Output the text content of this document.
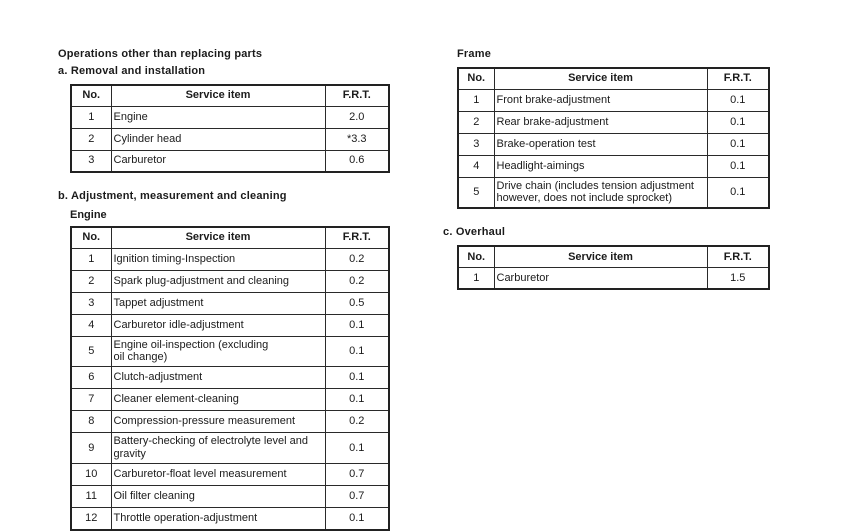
Operations other than replacing parts
a. Removal and installation
No.	Service item	F.R.T.
1	Engine	2.0
2	Cylinder head	*3.3
3	Carburetor	0.6
b. Adjustment, measurement and cleaning
Engine
No.	Service item	F.R.T.
1	Ignition timing-Inspection	0.2
2	Spark plug-adjustment and cleaning	0.2
3	Tappet adjustment	0.5
4	Carburetor idle-adjustment	0.1
5	Engine oil-inspection (excluding
oil change)	0.1
6	Clutch-adjustment	0.1
7	Cleaner element-cleaning	0.1
8	Compression-pressure measurement	0.2
9	Battery-checking of electrolyte level and
gravity	0.1
10	Carburetor-float level measurement	0.7
11	Oil filter cleaning	0.7
12	Throttle operation-adjustment	0.1
Frame
No.	Service item	F.R.T.
1	Front brake-adjustment	0.1
2	Rear brake-adjustment	0.1
3	Brake-operation test	0.1
4	Headlight-aimings	0.1
5	Drive chain (includes tension adjustment
however, does not include sprocket)	0.1
c. Overhaul
No.	Service item	F.R.T.
1	Carburetor	1.5
